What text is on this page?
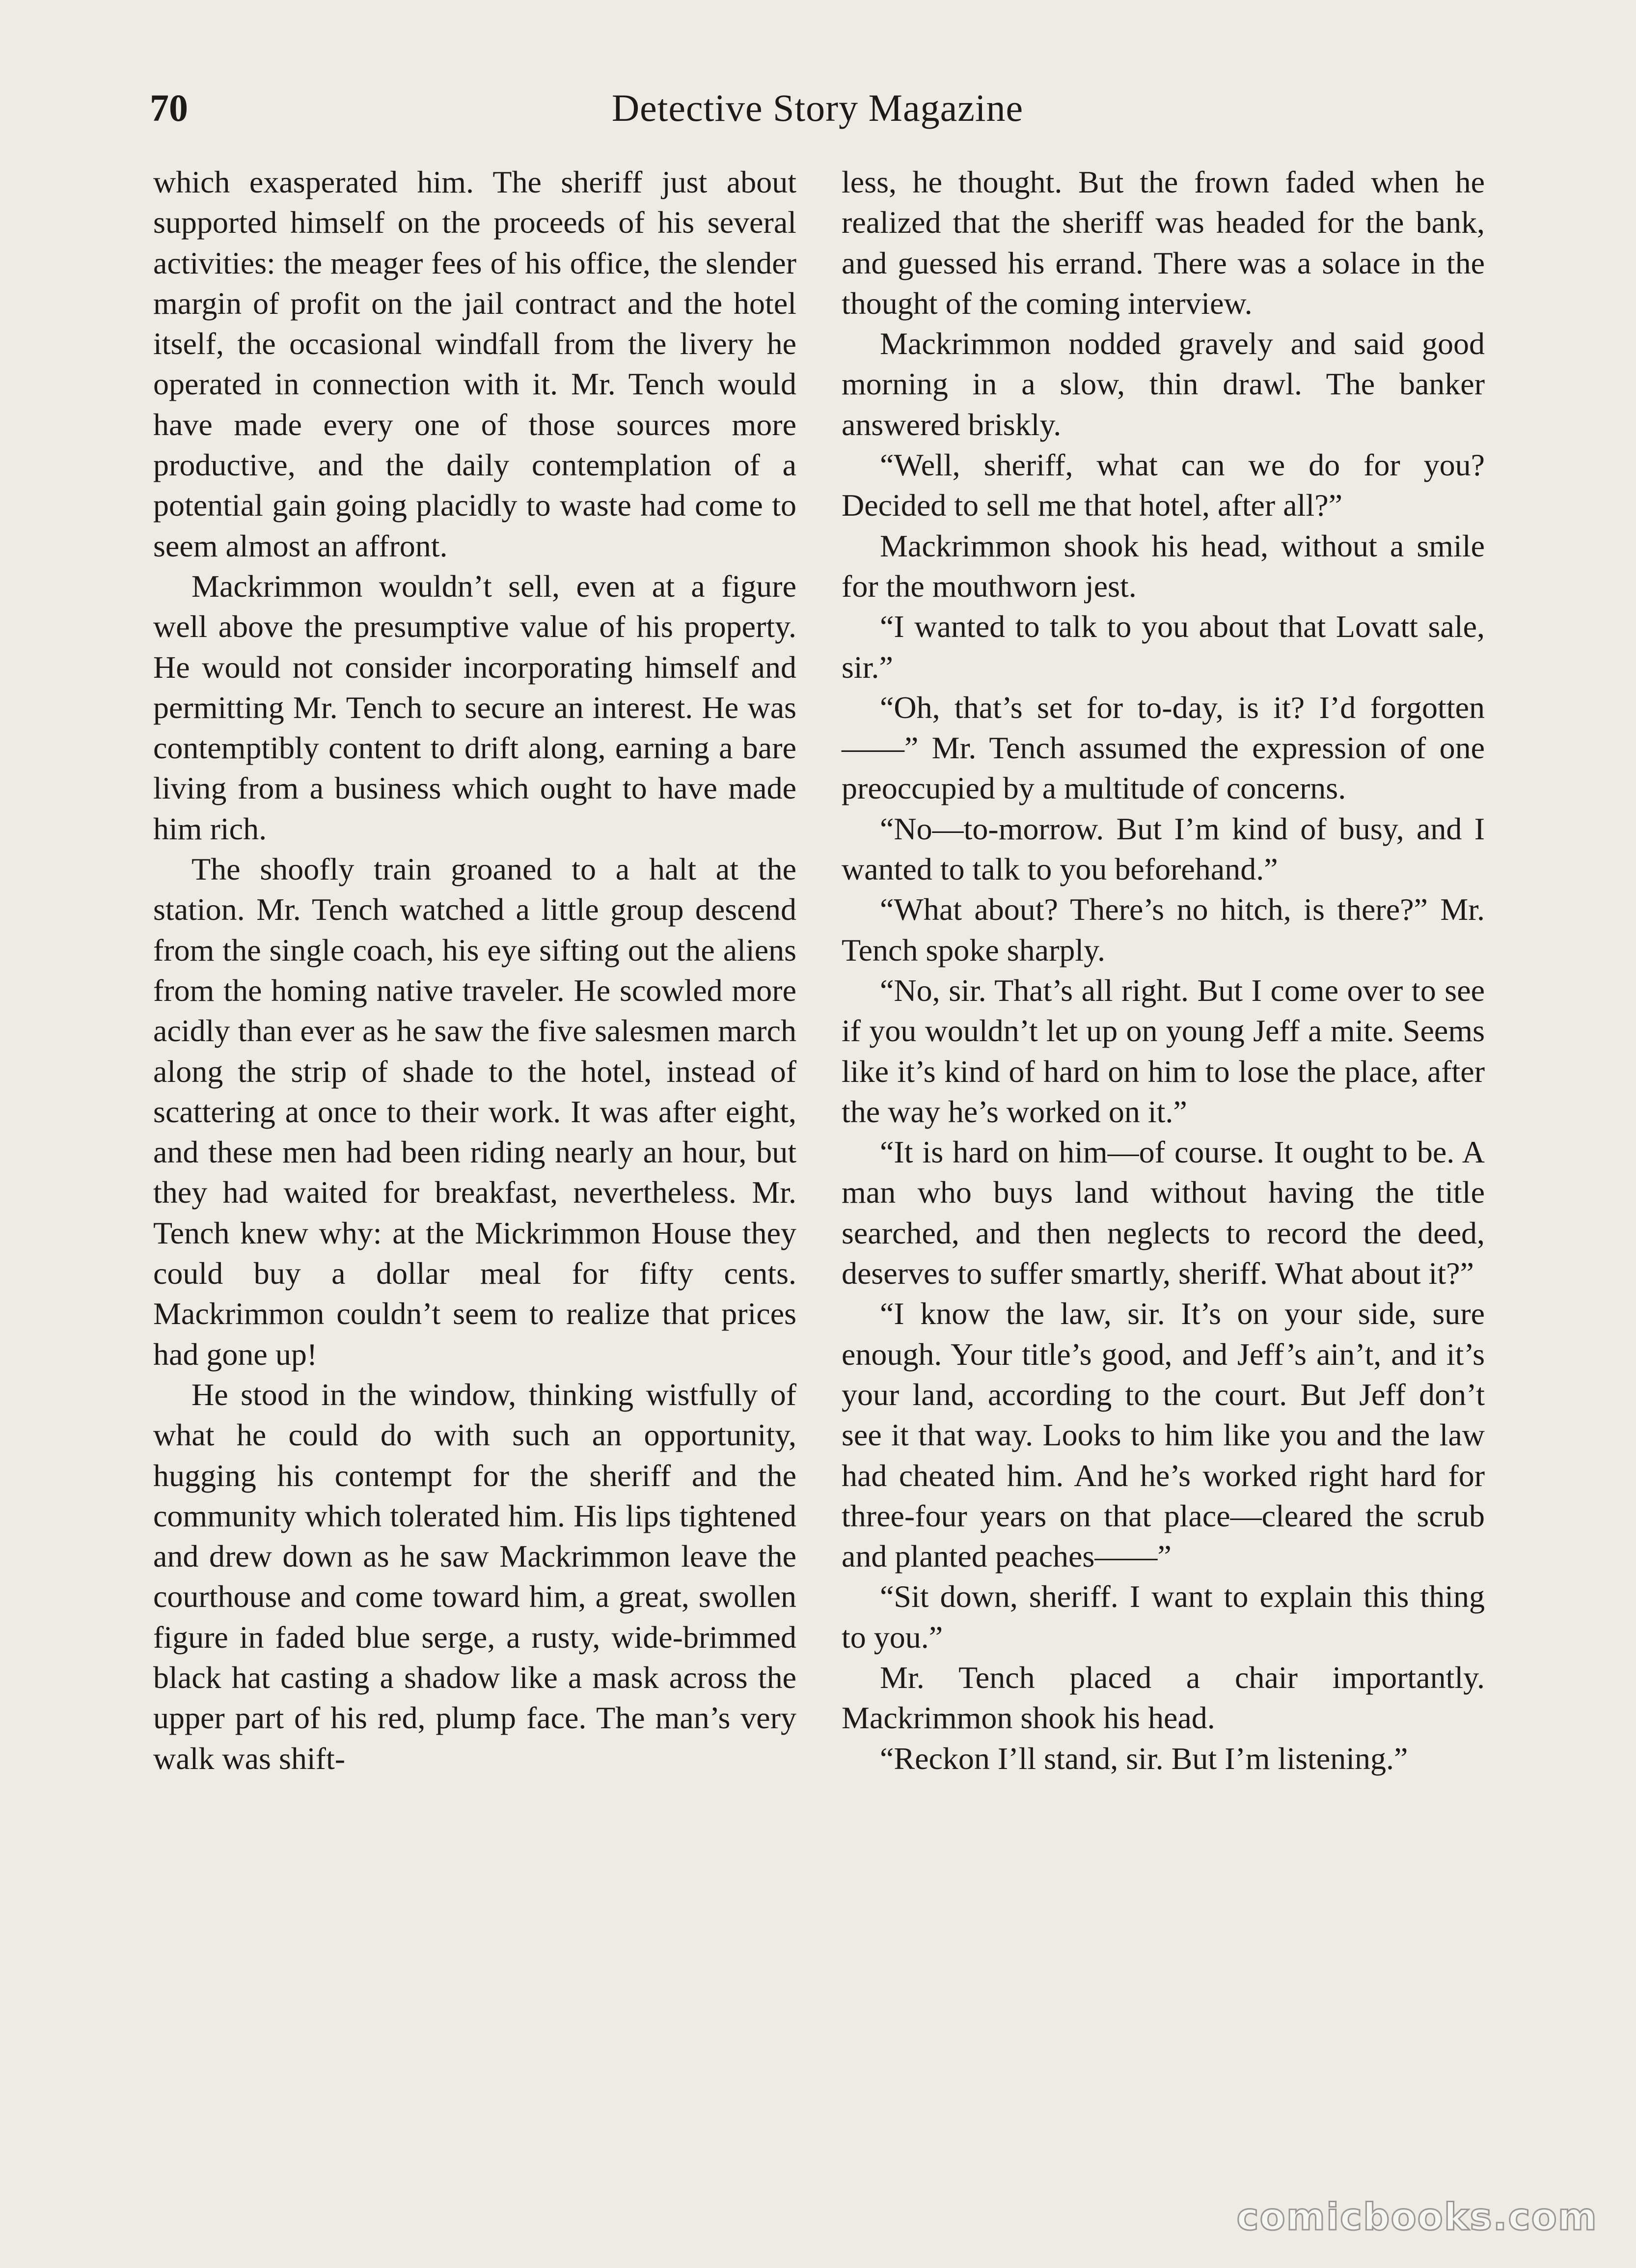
70	Detective Story Magazine

which exasperated him. The sheriff just about supported himself on the proceeds of his several activities: the meager fees of his office, the slender margin of profit on the jail contract and the hotel itself, the occasional windfall from the livery he operated in connection with it. Mr. Tench would have made every one of those sources more productive, and the daily contemplation of a potential gain going placidly to waste had come to seem almost an affront.

Mackrimmon wouldn’t sell, even at a figure well above the presumptive value of his property. He would not consider incorporating himself and permitting Mr. Tench to secure an interest. He was contemptibly content to drift along, earning a bare living from a business which ought to have made him rich.

The shoofly train groaned to a halt at the station. Mr. Tench watched a little group descend from the single coach, his eye sifting out the aliens from the homing native traveler. He scowled more acidly than ever as he saw the five salesmen march along the strip of shade to the hotel, instead of scattering at once to their work. It was after eight, and these men had been riding nearly an hour, but they had waited for breakfast, nevertheless. Mr. Tench knew why: at the Mickrimmon House they could buy a dollar meal for fifty cents. Mackrimmon couldn’t seem to realize that prices had gone up!

He stood in the window, thinking wistfully of what he could do with such an opportunity, hugging his contempt for the sheriff and the community which tolerated him. His lips tightened and drew down as he saw Mackrimmon leave the courthouse and come toward him, a great, swollen figure in faded blue serge, a rusty, wide-brimmed black hat casting a shadow like a mask across the upper part of his red, plump face. The man’s very walk was shift-

less, he thought. But the frown faded when he realized that the sheriff was headed for the bank, and guessed his errand. There was a solace in the thought of the coming interview.

Mackrimmon nodded gravely and said good morning in a slow, thin drawl. The banker answered briskly.

“Well, sheriff, what can we do for you? Decided to sell me that hotel, after all?”

Mackrimmon shook his head, without a smile for the mouthworn jest.

“I wanted to talk to you about that Lovatt sale, sir.”

“Oh, that’s set for to-day, is it? I’d forgotten——” Mr. Tench assumed the expression of one preoccupied by a multitude of concerns.

“No—to-morrow. But I’m kind of busy, and I wanted to talk to you beforehand.”

“What about? There’s no hitch, is there?” Mr. Tench spoke sharply.

“No, sir. That’s all right. But I come over to see if you wouldn’t let up on young Jeff a mite. Seems like it’s kind of hard on him to lose the place, after the way he’s worked on it.”

“It is hard on him—of course. It ought to be. A man who buys land without having the title searched, and then neglects to record the deed, deserves to suffer smartly, sheriff. What about it?”

“I know the law, sir. It’s on your side, sure enough. Your title’s good, and Jeff’s ain’t, and it’s your land, according to the court. But Jeff don’t see it that way. Looks to him like you and the law had cheated him. And he’s worked right hard for three-four years on that place—cleared the scrub and planted peaches——”

“Sit down, sheriff. I want to explain this thing to you.”

Mr. Tench placed a chair importantly. Mackrimmon shook his head.

“Reckon I’ll stand, sir. But I’m listening.”

comicbooks.com
